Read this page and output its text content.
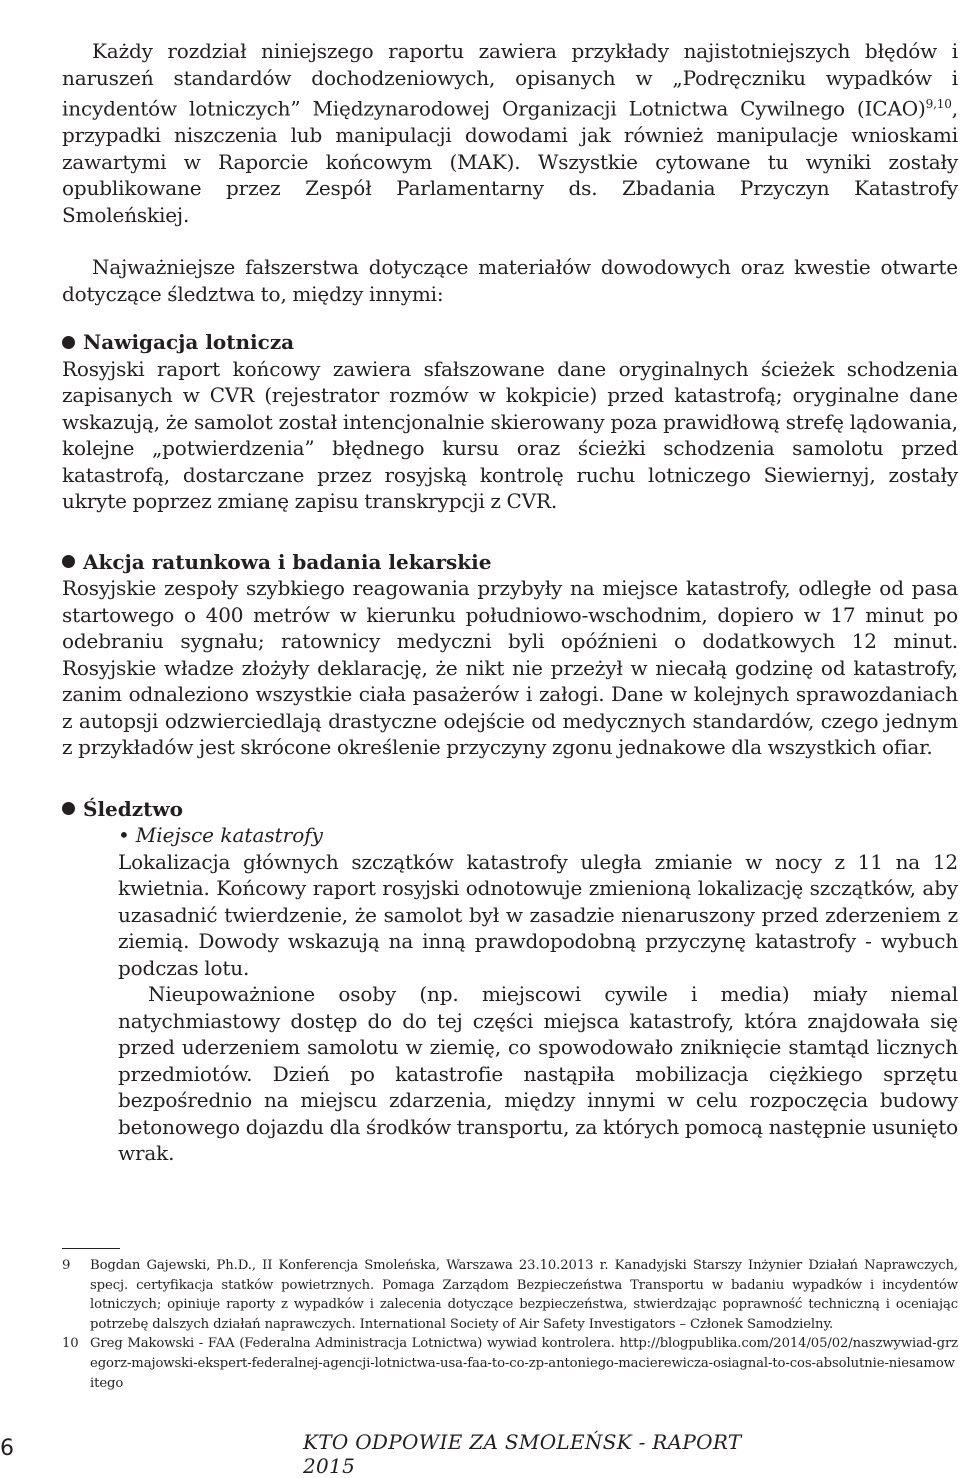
Każdy rozdział niniejszego raportu zawiera przykłady najistotniejszych błędów i naruszeń standardów dochodzeniowych, opisanych w „Podręczniku wypadków i incydentów lotniczych” Międzynarodowej Organizacji Lotnictwa Cywilnego (ICAO)$^{9,10}$, przypadki niszczenia lub manipulacji dowodami jak również manipulacje wnioskami zawartymi w Raporcie końcowym (MAK). Wszystkie cytowane tu wyniki zostały opublikowane przez Zespół Parlamentarny ds. Zbadania Przyczyn Katastrofy Smoleńskiej.

Najważniejsze fałszerstwa dotyczące materiałów dowodowych oraz kwestie otwarte dotyczące śledztwa to, między innymi:

Nawigacja lotnicza

Rosyjski raport końcowy zawiera sfałszowane dane oryginalnych ścieżek schodzenia zapisanych w CVR (rejestrator rozmów w kokpicie) przed katastrofą; oryginalne dane wskazują, że samolot został intencjonalnie skierowany poza prawidłową strefę lądowania, kolejne „potwierdzenia” błędnego kursu oraz ścieżki schodzenia samolotu przed katastrofą, dostarczane przez rosyjską kontrolę ruchu lotniczego Siewiernyj, zostały ukryte poprzez zmianę zapisu transkrypcji z CVR.

Akcja ratunkowa i badania lekarskie

Rosyjskie zespoły szybkiego reagowania przybyły na miejsce katastrofy, odległe od pasa startowego o 400 metrów w kierunku południowo-wschodnim, dopiero w 17 minut po odebraniu sygnału; ratownicy medyczni byli opóźnieni o dodatkowych 12 minut. Rosyjskie władze złożyły deklarację, że nikt nie przeżył w niecałą godzinę od katastrofy, zanim odnaleziono wszystkie ciała pasażerów i załogi. Dane w kolejnych sprawozdaniach z autopsji odzwierciedlają drastyczne odejście od medycznych standardów, czego jednym z przykładów jest skrócone określenie przyczyny zgonu jednakowe dla wszystkich ofiar.

Śledztwo

• Miejsce katastrofy

Lokalizacja głównych szczątków katastrofy uległa zmianie w nocy z 11 na 12 kwietnia. Końcowy raport rosyjski odnotowuje zmienioną lokalizację szczątków, aby uzasadnić twierdzenie, że samolot był w zasadzie nienaruszony przed zderzeniem z ziemią. Dowody wskazują na inną prawdopodobną przyczynę katastrofy - wybuch podczas lotu.

Nieupoważnione osoby (np. miejscowi cywile i media) miały niemal natychmiastowy dostęp do do tej części miejsca katastrofy, która znajdowała się przed uderzeniem samolotu w ziemię, co spowodowało zniknięcie stamtąd licznych przedmiotów. Dzień po katastrofie nastąpiła mobilizacja ciężkiego sprzętu bezpośrednio na miejscu zdarzenia, między innymi w celu rozpoczęcia budowy betonowego dojazdu dla środków transportu, za których pomocą następnie usunięto wrak.

9	Bogdan Gajewski, Ph.D., II Konferencja Smoleńska, Warszawa 23.10.2013 r. Kanadyjski Starszy Inżynier Działań Naprawczych, specj. certyfikacja statków powietrznych. Pomaga Zarządom Bezpieczeństwa Transportu w badaniu wypadków i incydentów lotniczych; opiniuje raporty z wypadków i zalecenia dotyczące bezpieczeństwa, stwierdzając poprawność techniczną i oceniając potrzebę dalszych działań naprawczych. International Society of Air Safety Investigators – Członek Samodzielny.

10 Greg Makowski - FAA (Federalna Administracja Lotnictwa) wywiad kontrolera. http://blogpublika.com/2014/05/02/naszwywiad-grzegorz-majowski-ekspert-federalnej-agencji-lotnictwa-usa-faa-to-co-zp-antoniego-macierewicza-osiagnal-to-cos-absolutnie-niesamowitego

6	KTO ODPOWIE ZA SMOLEŃSK - RAPORT 2015
